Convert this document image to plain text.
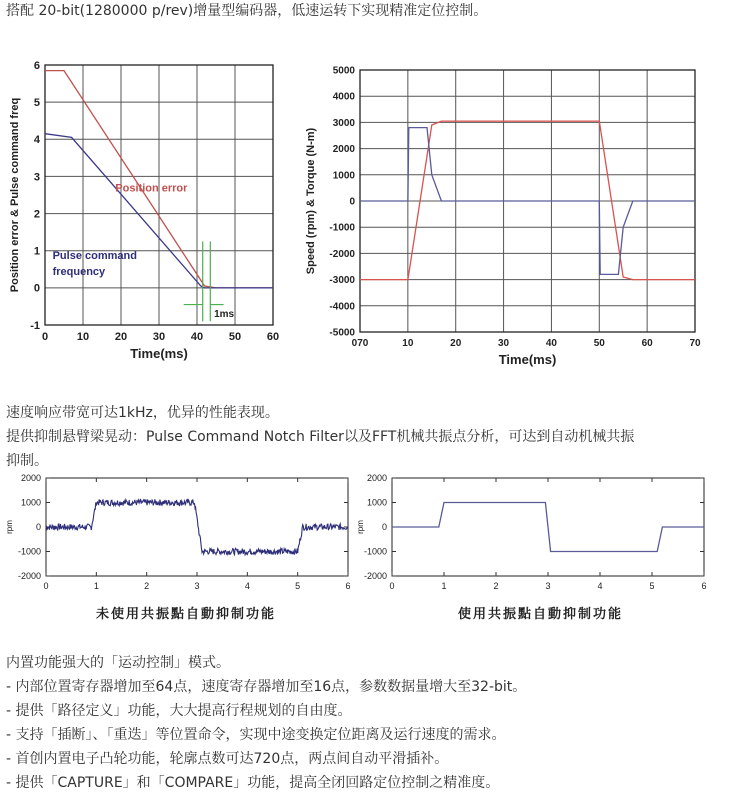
搭配 20-bit(1280000 p/rev)增量型编码器，低速运转下实现精准定位控制。
0	10 20 30 40 50 60
-1
0
1
2
3
4
5
6
Time(ms)
Position error & Pulse command freq	Position error
Pulse command
frequency
1ms
070	10	20	30	40	50	60	70
-5000
-4000
-3000
-2000
-1000
0
1000
2000
3000
4000
5000
Time(ms)
Speed (rpm) & Torque (N-m)
速度响应带宽可达1kHz，优异的性能表现。
提供抑制悬臂梁晃动：Pulse Command Notch Filter以及FFT机械共振点分析，可达到自动机械共振
抑制。
0	1	2	3	4	5	6
-2000
-1000
0
1000
2000
rpm
0	1	2	3	4	5	6
-2000
-1000
0
1000
2000
rpm
未使用共振點自動抑制功能	使用共振點自動抑制功能
内置功能强大的「运动控制」模式。
- 内部位置寄存器增加至64点，速度寄存器增加至16点，参数数据量增大至32-bit。
- 提供「路径定义」功能，大大提高行程规划的自由度。
- 支持「插断」、「重迭」等位置命令，实现中途变换定位距离及运行速度的需求。
- 首创内置电子凸轮功能，轮廓点数可达720点，两点间自动平滑插补。
- 提供「CAPTURE」和「COMPARE」功能，提高全闭回路定位控制之精准度。
